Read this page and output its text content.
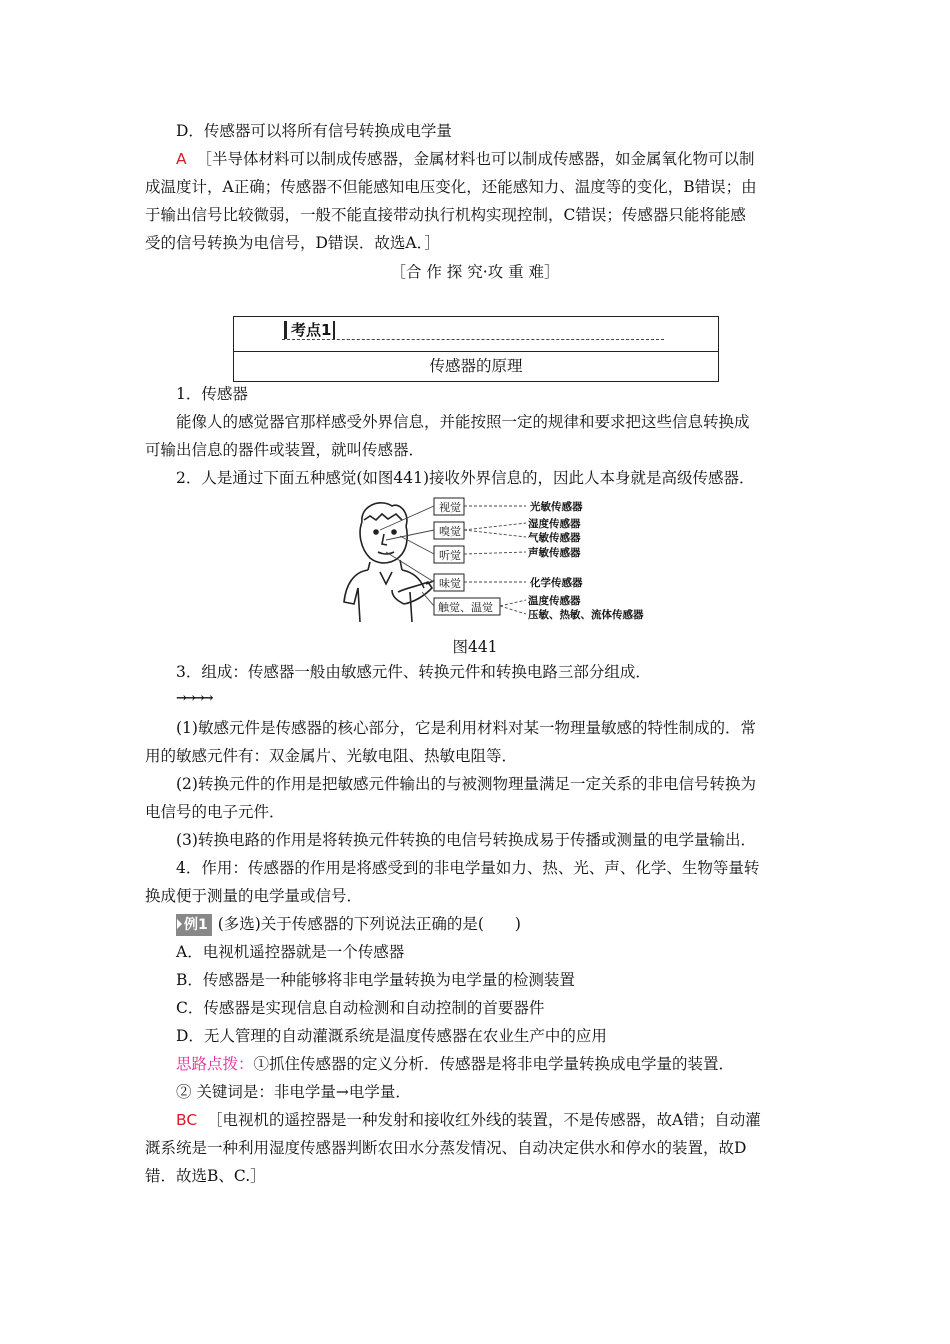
D．传感器可以将所有信号转换成电学量
A ［半导体材料可以制成传感器，金属材料也可以制成传感器，如金属氧化物可以制
成温度计，A正确；传感器不但能感知电压变化，还能感知力、温度等的变化，B错误；由
于输出信号比较微弱，一般不能直接带动执行机构实现控制，C错误；传感器只能将能感
受的信号转换为电信号，D错误．故选A．］
［合 作 探 究·攻 重 难］
考点1
传感器的原理
1．传感器
能像人的感觉器官那样感受外界信息，并能按照一定的规律和要求把这些信息转换成
可输出信息的器件或装置，就叫传感器．
2．人是通过下面五种感觉(如图441)接收外界信息的，因此人本身就是高级传感器．
视觉
嗅觉
听觉
味觉
触觉、温觉
光敏传感器
湿度传感器
气敏传感器
声敏传感器
化学传感器
温度传感器
压敏、热敏、流体传感器
图441
3．组成：传感器一般由敏感元件、转换元件和转换电路三部分组成．
→→→→
(1)敏感元件是传感器的核心部分，它是利用材料对某一物理量敏感的特性制成的．常
用的敏感元件有：双金属片、光敏电阻、热敏电阻等．
(2)转换元件的作用是把敏感元件输出的与被测物理量满足一定关系的非电信号转换为
电信号的电子元件．
(3)转换电路的作用是将转换元件转换的电信号转换成易于传播或测量的电学量输出．
4．作用：传感器的作用是将感受到的非电学量如力、热、光、声、化学、生物等量转
换成便于测量的电学量或信号．
例1 (多选)关于传感器的下列说法正确的是(　　)
A．电视机遥控器就是一个传感器
B．传感器是一种能够将非电学量转换为电学量的检测装置
C．传感器是实现信息自动检测和自动控制的首要器件
D．无人管理的自动灌溉系统是温度传感器在农业生产中的应用
思路点拨：①抓住传感器的定义分析．传感器是将非电学量转换成电学量的装置．
② 关键词是：非电学量→电学量．
BC ［电视机的遥控器是一种发射和接收红外线的装置，不是传感器，故A错；自动灌
溉系统是一种利用湿度传感器判断农田水分蒸发情况、自动决定供水和停水的装置，故D
错．故选B、C.］
